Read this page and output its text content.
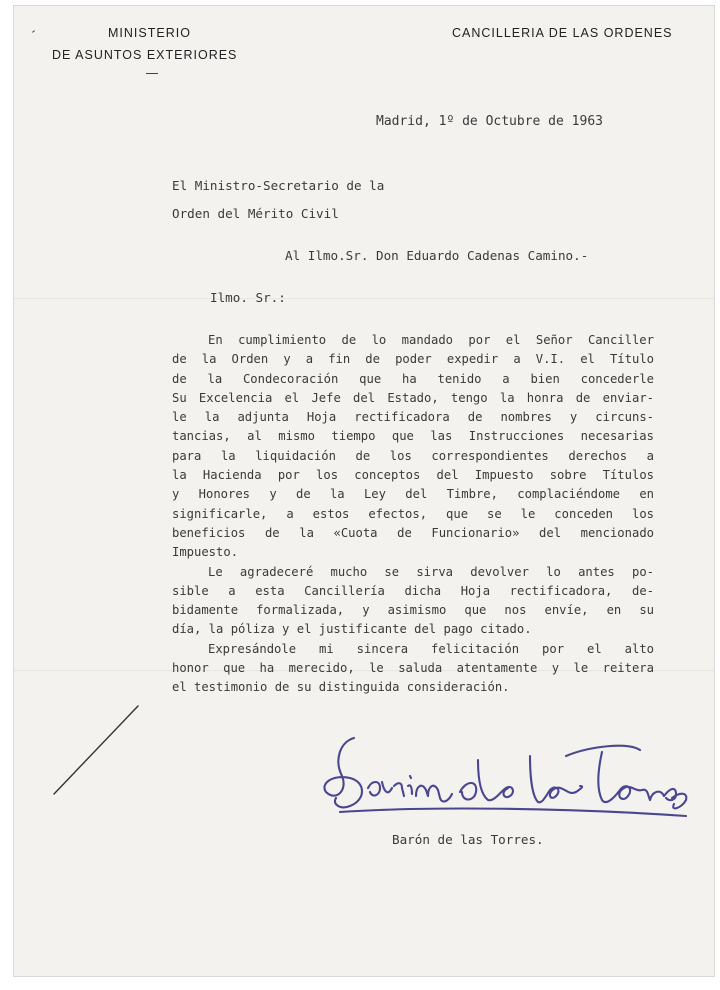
MINISTERIO
DE ASUNTOS EXTERIORES
CANCILLERIA DE LAS ORDENES
Madrid, 1º de Octubre de 1963
El Ministro-Secretario de la
Orden del Mérito Civil
Al Ilmo.Sr. Don Eduardo Cadenas Camino.-
Ilmo. Sr.:
En cumplimiento de lo mandado por el Señor Canciller
de la Orden y a fin de poder expedir a V.I. el Título
de la Condecoración que ha tenido a bien concederle
Su Excelencia el Jefe del Estado, tengo la honra de enviar-
le la adjunta Hoja rectificadora de nombres y circuns-
tancias, al mismo tiempo que las Instrucciones necesarias
para la liquidación de los correspondientes derechos a
la Hacienda por los conceptos del Impuesto sobre Títulos
y Honores y de la Ley del Timbre, complaciéndome en
significarle, a estos efectos, que se le conceden los
beneficios de la «Cuota de Funcionario» del mencionado
Impuesto.
Le agradeceré mucho se sirva devolver lo antes po-
sible a esta Cancillería dicha Hoja rectificadora, de-
bidamente formalizada, y asimismo que nos envíe, en su
día, la póliza y el justificante del pago citado.
Expresándole mi sincera felicitación por el alto
honor que ha merecido, le saluda atentamente y le reitera
el testimonio de su distinguida consideración.
Barón de las Torres.
